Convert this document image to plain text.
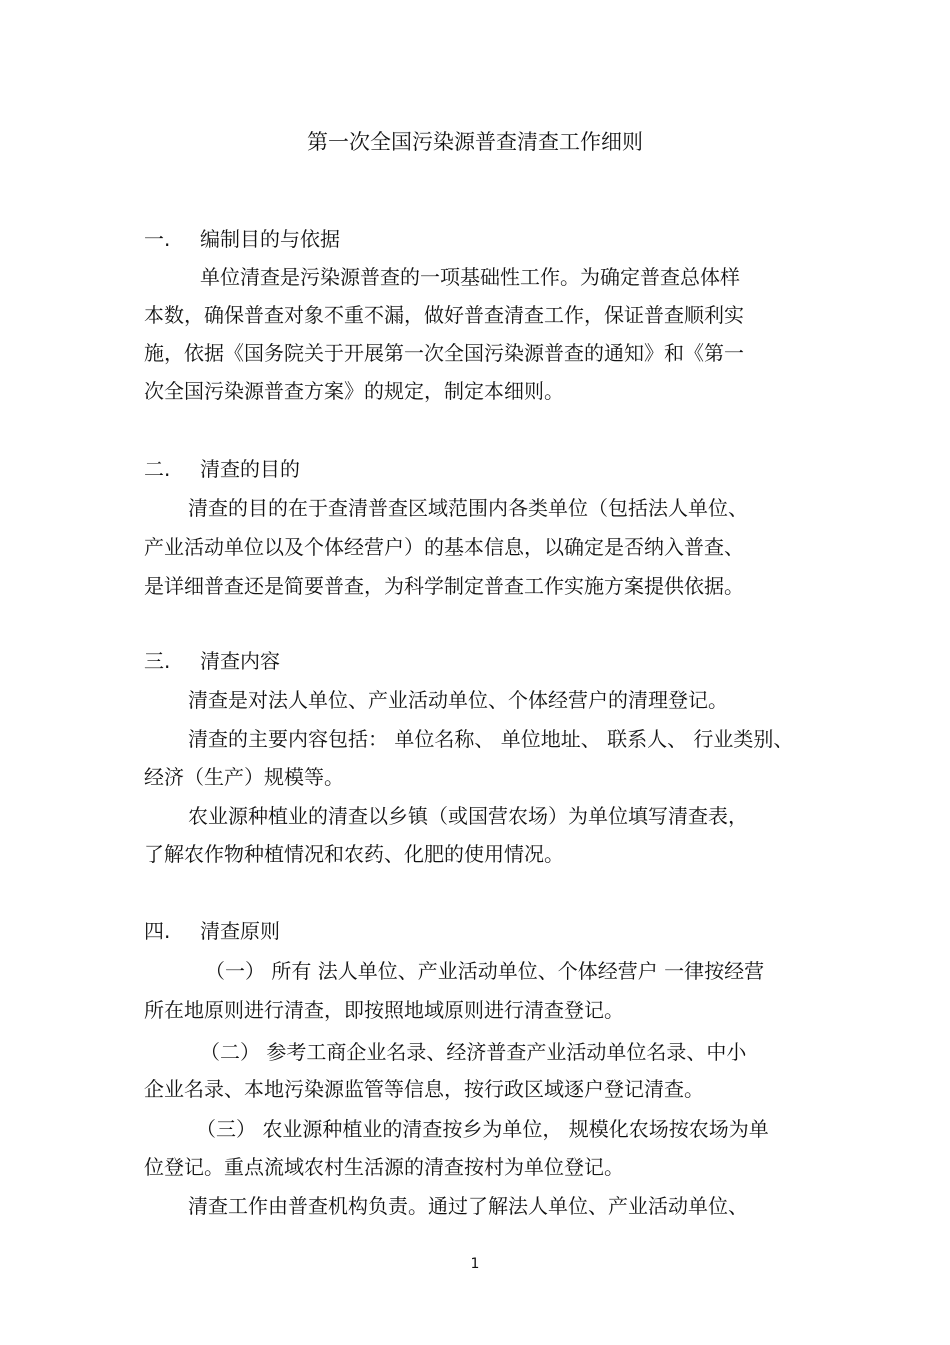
第一次全国污染源普查清查工作细则
一. 编制目的与依据
单位清查是污染源普查的一项基础性工作。为确定普查总体样
本数，确保普查对象不重不漏，做好普查清查工作，保证普查顺利实
施，依据《国务院关于开展第一次全国污染源普查的通知》和《第一
次全国污染源普查方案》的规定，制定本细则。
二. 清查的目的
清查的目的在于查清普查区域范围内各类单位（包括法人单位、
产业活动单位以及个体经营户）的基本信息，以确定是否纳入普查、
是详细普查还是简要普查，为科学制定普查工作实施方案提供依据。
三. 清查内容
清查是对法人单位、产业活动单位、个体经营户的清理登记。
清查的主要内容包括： 单位名称、 单位地址、 联系人、 行业类别、
经济（生产）规模等。
农业源种植业的清查以乡镇（或国营农场）为单位填写清查表，
了解农作物种植情况和农药、化肥的使用情况。
四. 清查原则
（一） 所有 法人单位、产业活动单位、个体经营户 一律按经营
所在地原则进行清查，即按照地域原则进行清查登记。
（二） 参考工商企业名录、经济普查产业活动单位名录、中小
企业名录、本地污染源监管等信息，按行政区域逐户登记清查。
（三） 农业源种植业的清查按乡为单位， 规模化农场按农场为单
位登记。重点流域农村生活源的清查按村为单位登记。
清查工作由普查机构负责。通过了解法人单位、产业活动单位、
1
